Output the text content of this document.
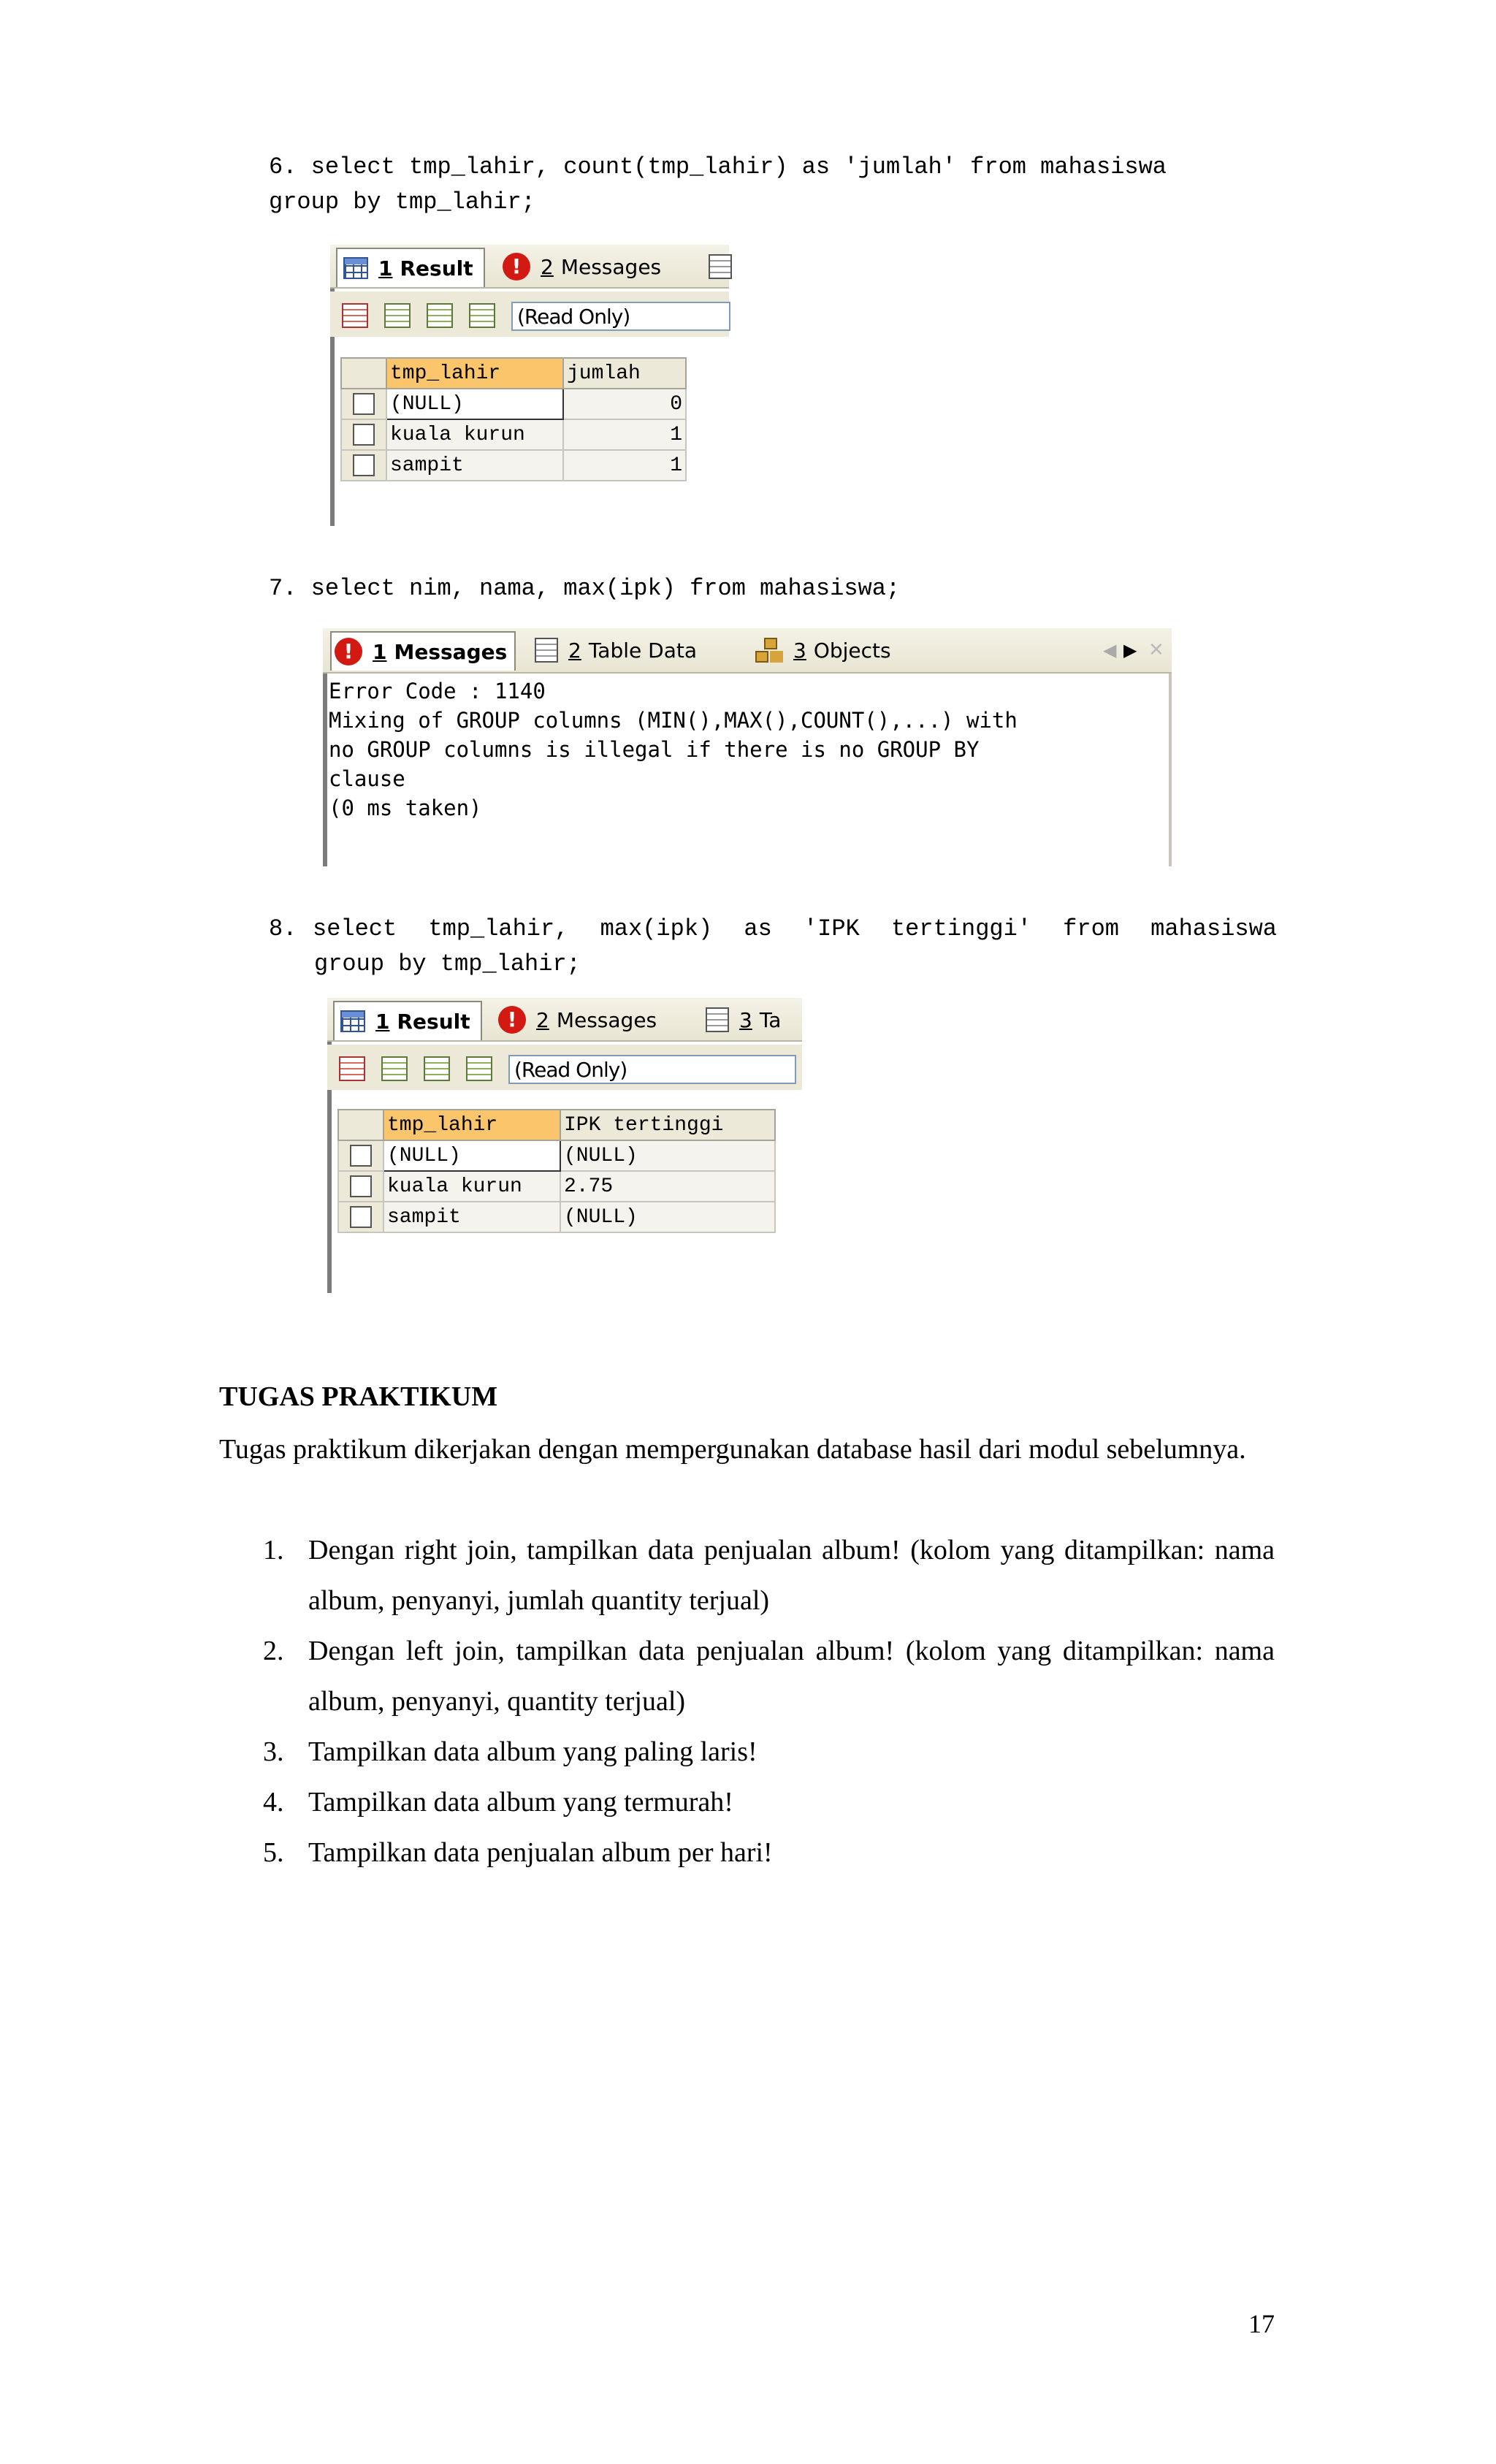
6. select tmp_lahir, count(tmp_lahir) as 'jumlah' from mahasiswa
group by tmp_lahir;
1 Result	! 2 Messages
(Read Only)
	tmp_lahir	jumlah

	(NULL)	0

	kuala kurun	1

	sampit	1
7. select nim, nama, max(ipk) from mahasiswa;
! 1 Messages	2 Table Data	3 Objects	◀ ▶ ✕
Error Code : 1140
Mixing of GROUP columns (MIN(),MAX(),COUNT(),...) with
no GROUP columns is illegal if there is no GROUP BY
clause
(0 ms taken)
8. select  tmp_lahir,  max(ipk)  as  'IPK  tertinggi'  from  mahasiswa
group by tmp_lahir;
1 Result	! 2 Messages	3 Ta
(Read Only)
	tmp_lahir	IPK tertinggi

	(NULL)	(NULL)

	kuala kurun	2.75

	sampit	(NULL)
TUGAS PRAKTIKUM
Tugas praktikum dikerjakan dengan mempergunakan database hasil dari modul sebelumnya.
1. Dengan right join, tampilkan data penjualan album! (kolom yang ditampilkan: nama album, penyanyi, jumlah quantity terjual)
2. Dengan left join, tampilkan data penjualan album! (kolom yang ditampilkan: nama album, penyanyi, quantity terjual)
3. Tampilkan data album yang paling laris!
4. Tampilkan data album yang termurah!
5. Tampilkan data penjualan album per hari!
17
